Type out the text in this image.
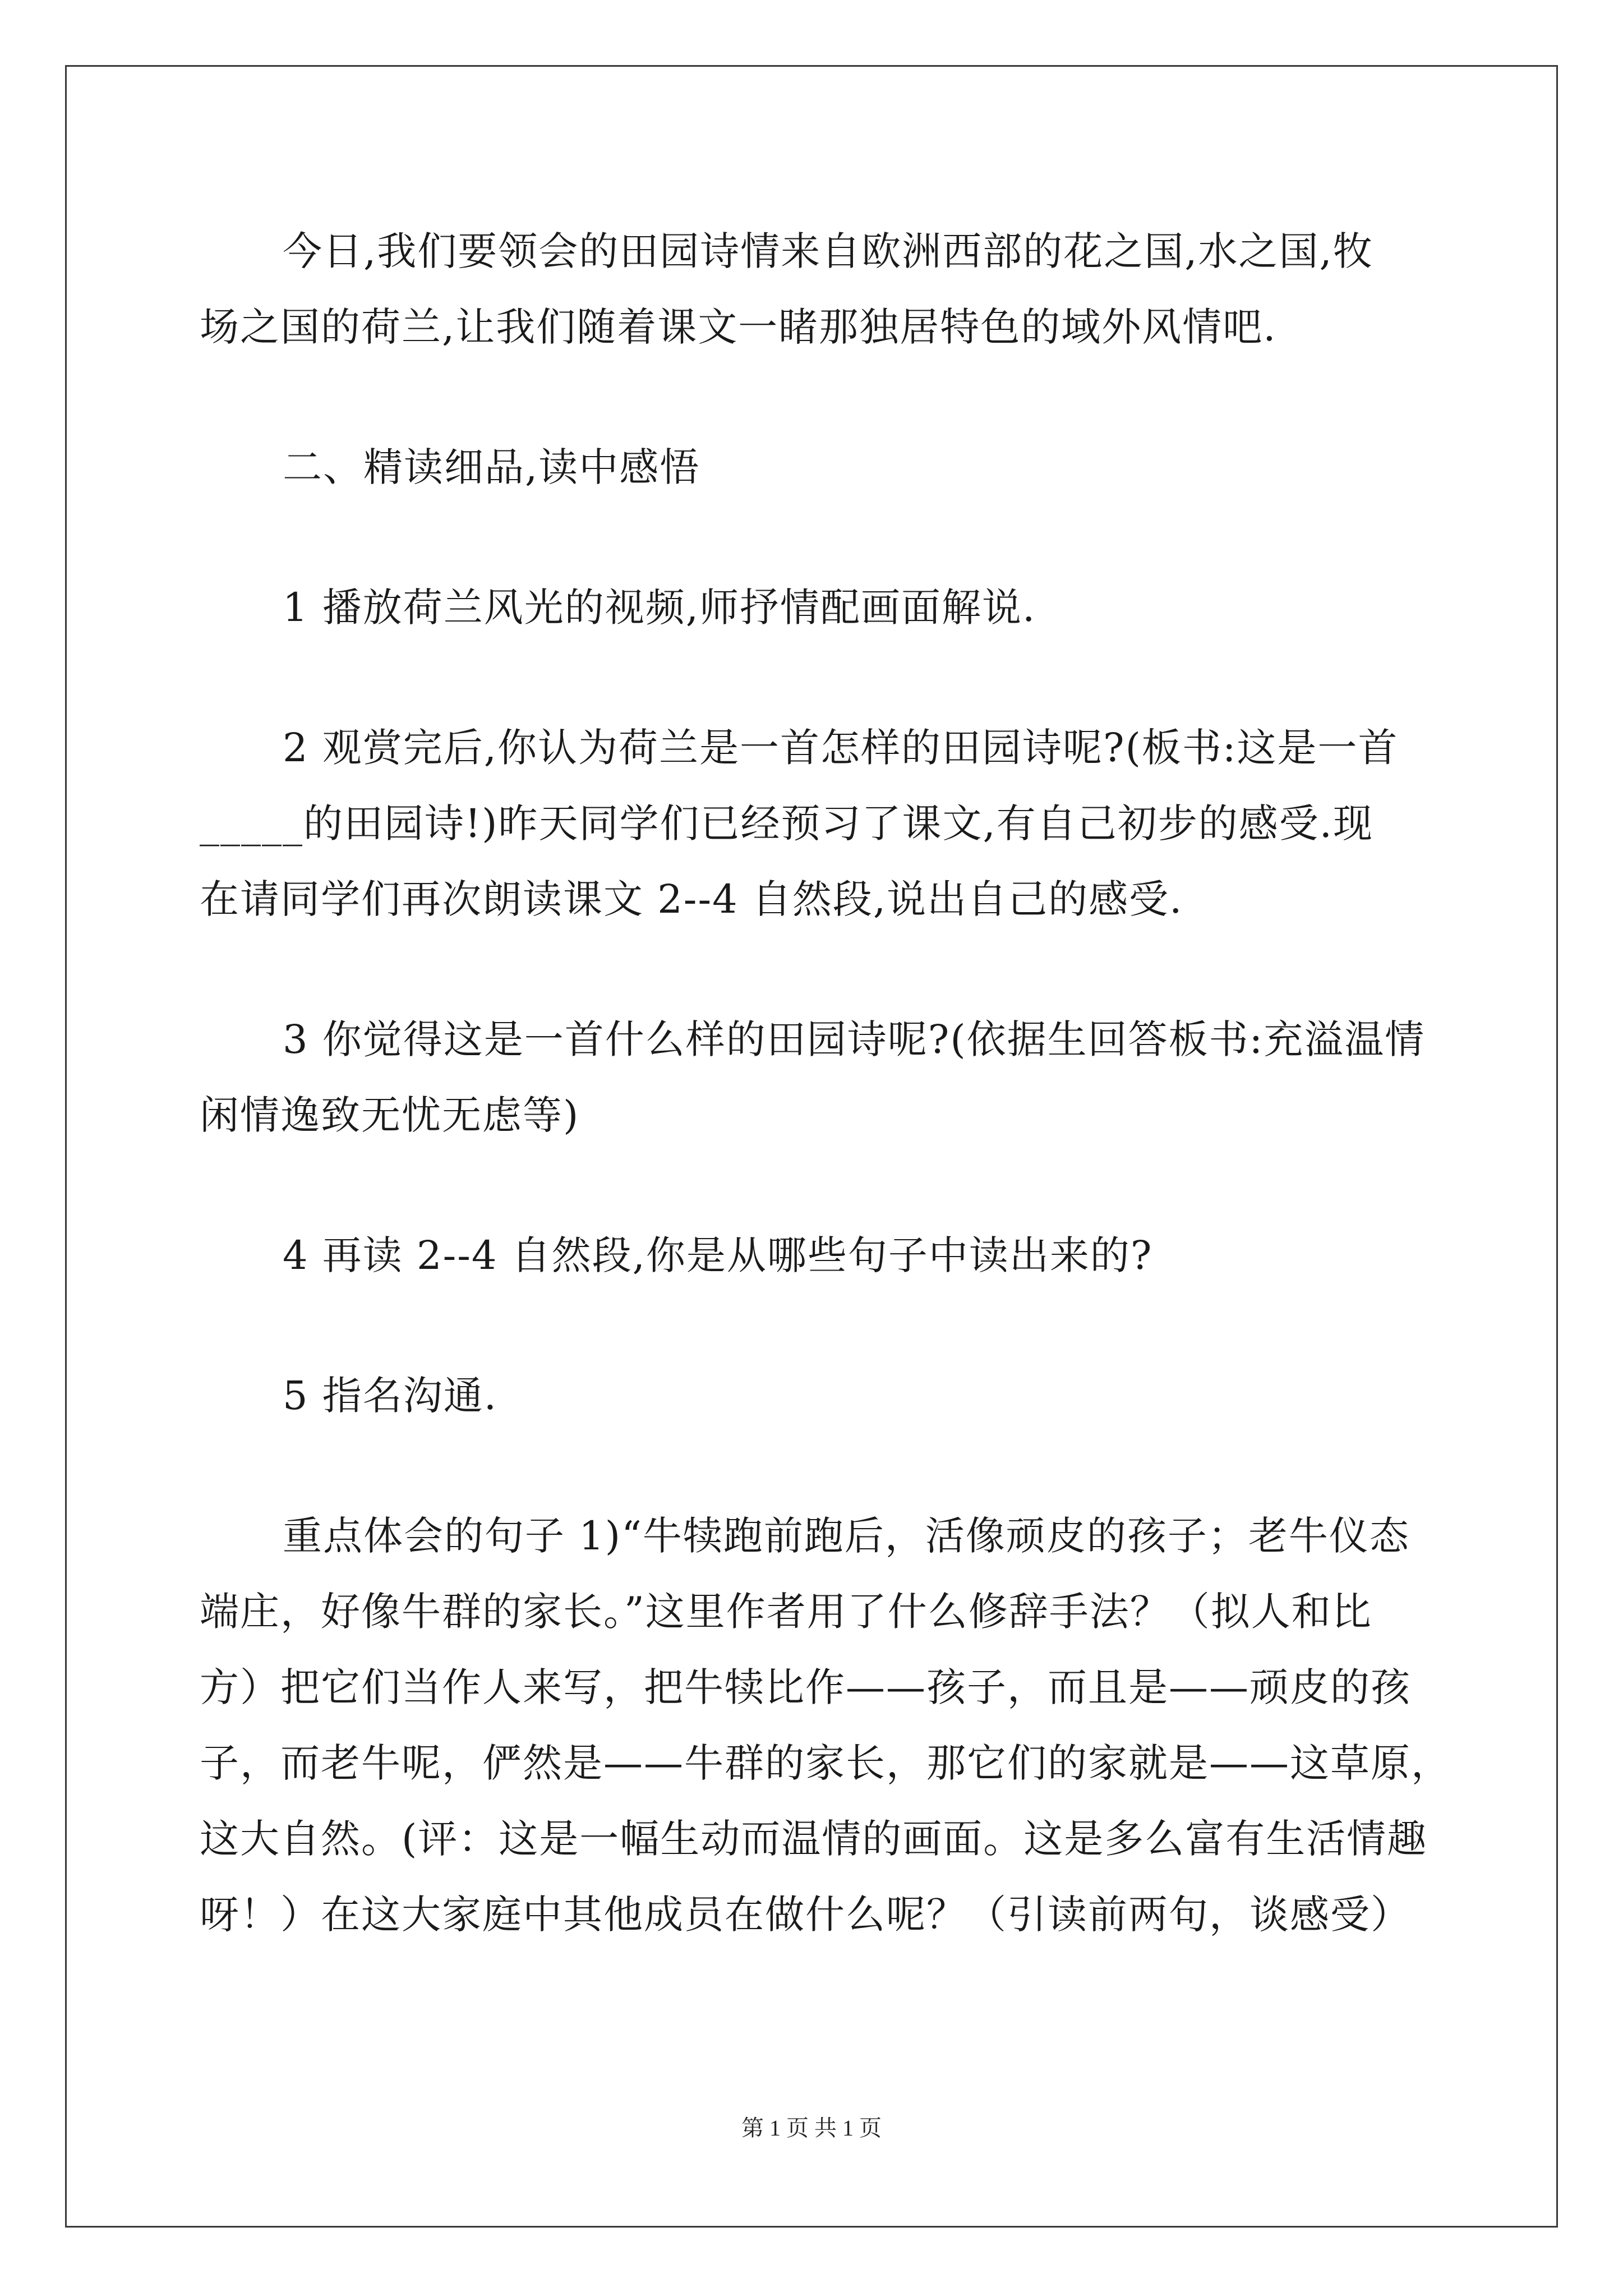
今日,我们要领会的田园诗情来自欧洲西部的花之国,水之国,牧
场之国的荷兰,让我们随着课文一睹那独居特色的域外风情吧.
二、精读细品,读中感悟
1 播放荷兰风光的视频,师抒情配画面解说.
2 观赏完后,你认为荷兰是一首怎样的田园诗呢?(板书:这是一首
_____的田园诗!)昨天同学们已经预习了课文,有自己初步的感受.现
在请同学们再次朗读课文 2--4 自然段,说出自己的感受.
3 你觉得这是一首什么样的田园诗呢?(依据生回答板书:充溢温情
闲情逸致无忧无虑等)
4 再读 2--4 自然段,你是从哪些句子中读出来的?
5 指名沟通.
重点体会的句子 1)“牛犊跑前跑后，活像顽皮的孩子；老牛仪态
端庄，好像牛群的家长。”这里作者用了什么修辞手法？（拟人和比
方）把它们当作人来写，把牛犊比作——孩子，而且是——顽皮的孩
子，而老牛呢，俨然是——牛群的家长，那它们的家就是——这草原，
这大自然。(评：这是一幅生动而温情的画面。这是多么富有生活情趣
呀！）在这大家庭中其他成员在做什么呢？（引读前两句，谈感受）
第 1 页 共 1 页
